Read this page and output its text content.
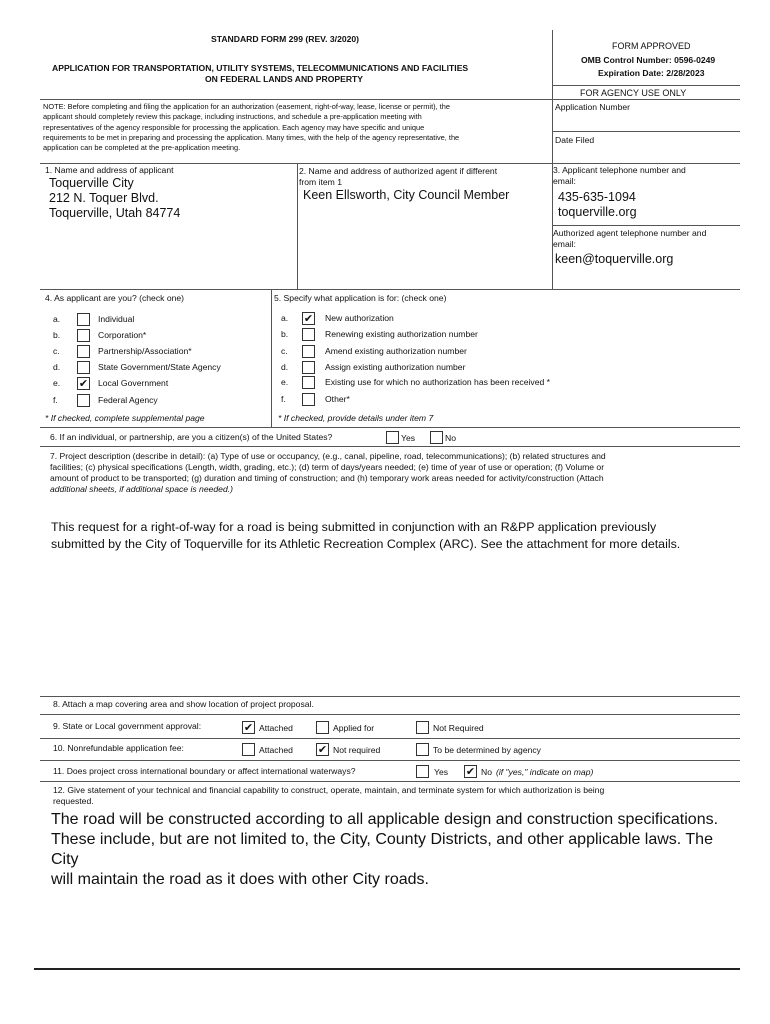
STANDARD FORM 299 (REV. 3/2020)
APPLICATION FOR TRANSPORTATION, UTILITY SYSTEMS, TELECOMMUNICATIONS AND FACILITIES
ON FEDERAL LANDS AND PROPERTY
FORM APPROVED
OMB Control Number: 0596-0249
Expiration Date: 2/28/2023
FOR AGENCY USE ONLY
Application Number
Date Filed
NOTE: Before completing and filing the application for an authorization (easement, right-of-way, lease, license or permit), the
applicant should completely review this package, including instructions, and schedule a pre-application meeting with
representatives of the agency responsible for processing the application. Each agency may have specific and unique
requirements to be met in preparing and processing the application. Many times, with the help of the agency representative, the
application can be completed at the pre-application meeting.
1. Name and address of applicant
Toquerville City
212 N. Toquer Blvd.
Toquerville, Utah 84774
2. Name and address of authorized agent if different
from item 1
Keen Ellsworth, City Council Member
3. Applicant telephone number and
email:
435-635-1094
toquerville.org
Authorized agent telephone number and
email:
keen@toquerville.org
4. As applicant are you? (check one)
a.	Individual
b.	Corporation*
c.	Partnership/Association*
d.	State Government/State Agency
e. ✔ Local Government
f.	Federal Agency
* If checked, complete supplemental page
5. Specify what application is for: (check one)
a. ✔ New authorization
b.	Renewing existing authorization number
c.	Amend existing authorization number
d.	Assign existing authorization number
e.	Existing use for which no authorization has been received *
f.	Other*
* If checked, provide details under item 7
6. If an individual, or partnership, are you a citizen(s) of the United States?	Yes	No
7. Project description (describe in detail): (a) Type of use or occupancy, (e.g., canal, pipeline, road, telecommunications); (b) related structures and
facilities; (c) physical specifications (Length, width, grading, etc.); (d) term of days/years needed; (e) time of year of use or operation; (f) Volume or
amount of product to be transported; (g) duration and timing of construction; and (h) temporary work areas needed for activity/construction (Attach
additional sheets, if additional space is needed.)
This request for a right-of-way for a road is being submitted in conjunction with an R&PP application previously
submitted by the City of Toquerville for its Athletic Recreation Complex (ARC). See the attachment for more details.
8. Attach a map covering area and show location of project proposal.
9. State or Local government approval:	✔ Attached	Applied for	Not Required
10. Nonrefundable application fee:	Attached ✔ Not required	To be determined by agency
11. Does project cross international boundary or affect international waterways?	Yes ✔ No (if "yes," indicate on map)
12. Give statement of your technical and financial capability to construct, operate, maintain, and terminate system for which authorization is being
requested.
The road will be constructed according to all applicable design and construction specifications.
These include, but are not limited to, the City, County Districts, and other applicable laws. The City
will maintain the road as it does with other City roads.
